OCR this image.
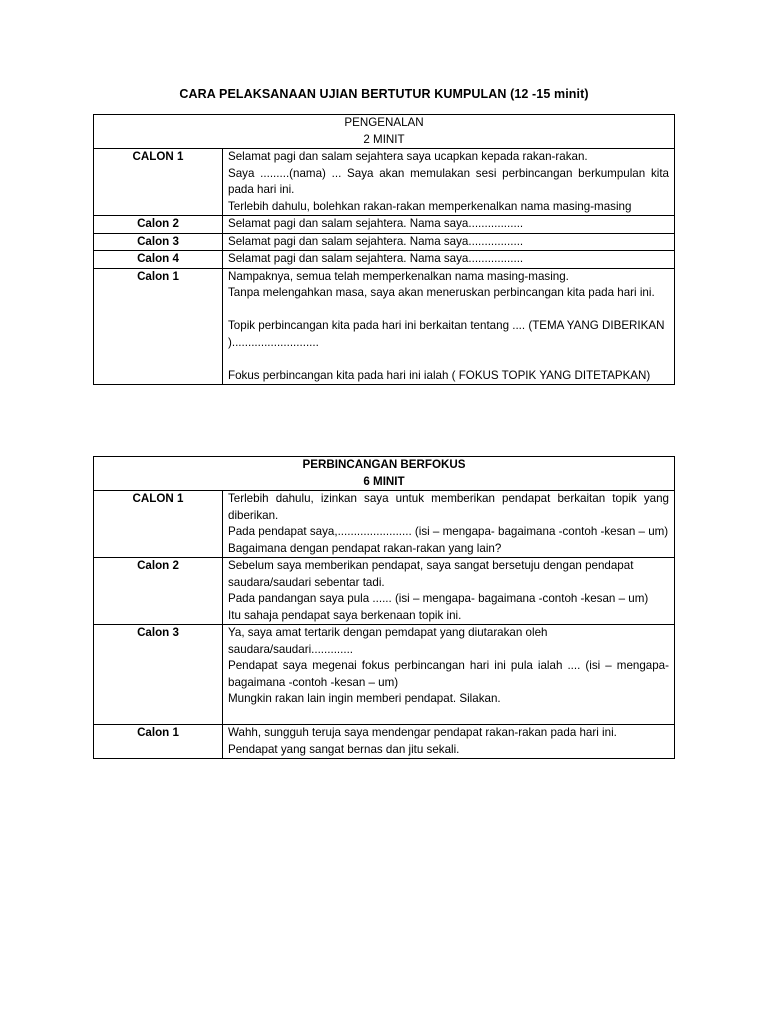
CARA PELAKSANAAN UJIAN BERTUTUR KUMPULAN (12 -15 minit)
PENGENALAN
2 MINIT	

CALON 1	Selamat pagi dan salam sejahtera saya ucapkan kepada rakan-rakan.

Saya .........(nama) ... Saya akan memulakan sesi perbincangan berkumpulan kita pada hari ini.

Terlebih dahulu, bolehkan rakan-rakan memperkenalkan nama masing-masing

Calon 2	Selamat pagi dan salam sejahtera. Nama saya.................

Calon 3	Selamat pagi dan salam sejahtera. Nama saya.................

Calon 4	Selamat pagi dan salam sejahtera. Nama saya.................

Calon 1	Nampaknya, semua telah memperkenalkan nama masing-masing.

Tanpa melengahkan masa, saya akan meneruskan perbincangan kita pada hari ini.

Topik perbincangan kita pada hari ini berkaitan tentang .... (TEMA YANG DIBERIKAN )...........................

Fokus perbincangan kita pada hari ini ialah ( FOKUS TOPIK YANG DITETAPKAN)

PERBINCANGAN BERFOKUS
6 MINIT	

CALON 1	Terlebih dahulu, izinkan saya untuk memberikan pendapat berkaitan topik yang diberikan.

Pada pendapat saya,....................... (isi – mengapa- bagaimana -contoh -kesan – um)

Bagaimana dengan pendapat rakan-rakan yang lain?

Calon 2	Sebelum saya memberikan pendapat, saya sangat bersetuju dengan pendapat saudara/saudari sebentar tadi.

Pada pandangan saya pula ...... (isi – mengapa- bagaimana -contoh -kesan – um)

Itu sahaja pendapat saya berkenaan topik ini.

Calon 3	Ya, saya amat tertarik dengan pemdapat yang diutarakan oleh saudara/saudari.............

Pendapat saya megenai fokus perbincangan hari ini pula ialah .... (isi – mengapa- bagaimana -contoh -kesan – um)

Mungkin rakan lain ingin memberi pendapat. Silakan.

Calon 1	Wahh, sungguh teruja saya mendengar pendapat rakan-rakan pada hari ini.

Pendapat yang sangat bernas dan jitu sekali.
